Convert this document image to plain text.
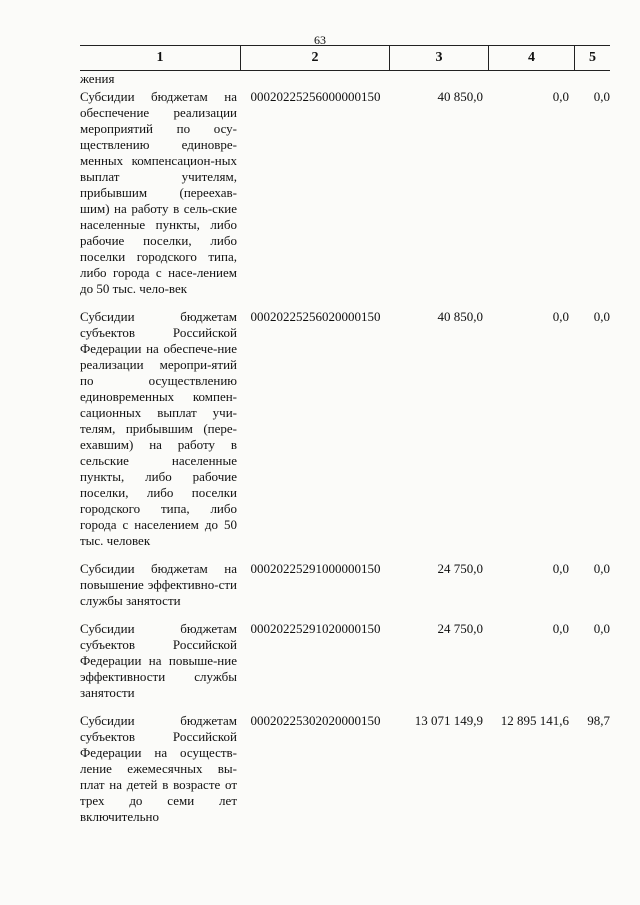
63
1	2	3	4	5
жения
Субсидии бюджетам на обеспечение реализации мероприятий по осу-ществлению единовре-менных компенсацион-ных выплат учителям, прибывшим (переехав-шим) на работу в сель-ские населенные пункты, либо рабочие поселки, либо поселки городского типа, либо города с насе-лением до 50 тыс. чело-век
00020225256000000150	40 850,0	0,0	0,0
Субсидии бюджетам субъектов Российской Федерации на обеспече-ние реализации меропри-ятий по осуществлению единовременных компен-сационных выплат учи-телям, прибывшим (пере-ехавшим) на работу в сельские населенные пункты, либо рабочие поселки, либо поселки городского типа, либо города с населением до 50 тыс. человек
00020225256020000150	40 850,0	0,0	0,0
Субсидии бюджетам на повышение эффективно-сти службы занятости
00020225291000000150	24 750,0	0,0	0,0
Субсидии бюджетам субъектов Российской Федерации на повыше-ние эффективности службы занятости
00020225291020000150	24 750,0	0,0	0,0
Субсидии бюджетам субъектов Российской Федерации на осуществ-ление ежемесячных вы-плат на детей в возрасте от трех до семи лет включительно
00020225302020000150	13 071 149,9	12 895 141,6	98,7
